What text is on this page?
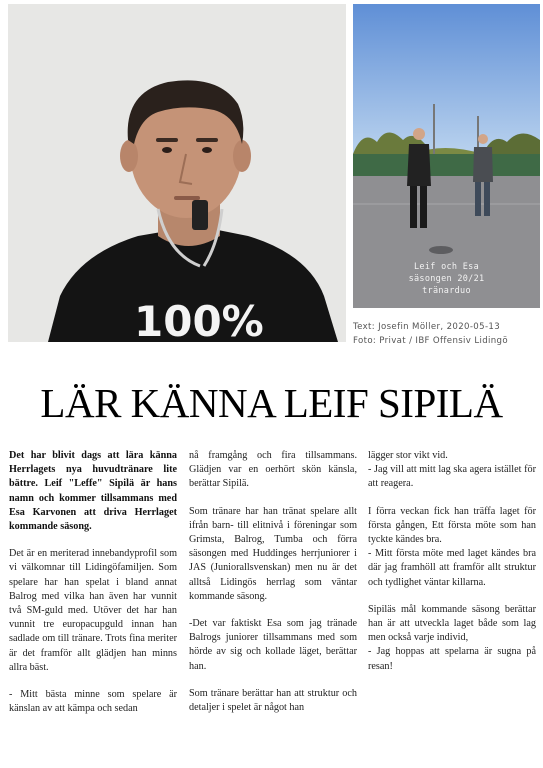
100%
Leif och Esa
säsongen 20/21
tränarduo
Text: Josefin Möller, 2020-05-13
Foto: Privat / IBF Offensiv Lidingö
LÄR KÄNNA LEIF SIPILÄ

Det har blivit dags att lära känna Herrlagets nya huvudtränare lite bättre. Leif "Leffe" Sipilä är hans namn och kommer tillsammans med Esa Karvonen att driva Herrlaget kommande säsong.

Det är en meriterad innebandyprofil som vi välkomnar till Lidingöfamiljen. Som spelare har han spelat i bland annat Balrog med vilka han även har vunnit två SM-guld med. Utöver det har han vunnit tre europacupguld innan han sadlade om till tränare. Trots fina meriter är det framför allt glädjen han minns allra bäst.

- Mitt bästa minne som spelare är känslan av att kämpa och sedan

nå framgång och fira tillsammans. Glädjen var en oerhört skön känsla, berättar Sipilä.

Som tränare har han tränat spelare allt ifrån barn- till elitnivå i föreningar som Grimsta, Balrog, Tumba och förra säsongen med Huddinges herrjuniorer i JAS (Juniorallsvenskan) men nu är det alltså Lidingös herrlag som väntar kommande säsong.

-Det var faktiskt Esa som jag tränade Balrogs juniorer tillsammans med som hörde av sig och kollade läget, berättar han.

Som tränare berättar han att struktur och detaljer i spelet är något han

lägger stor vikt vid.

- Jag vill att mitt lag ska agera istället för att reagera.

I förra veckan fick han träffa laget för första gången, Ett första möte som han tyckte kändes bra.

- Mitt första möte med laget kändes bra där jag framhöll att framför allt struktur och tydlighet väntar killarna.

Sipiläs mål kommande säsong berättar han är att utveckla laget både som lag men också varje individ,

- Jag hoppas att spelarna är sugna på resan!
